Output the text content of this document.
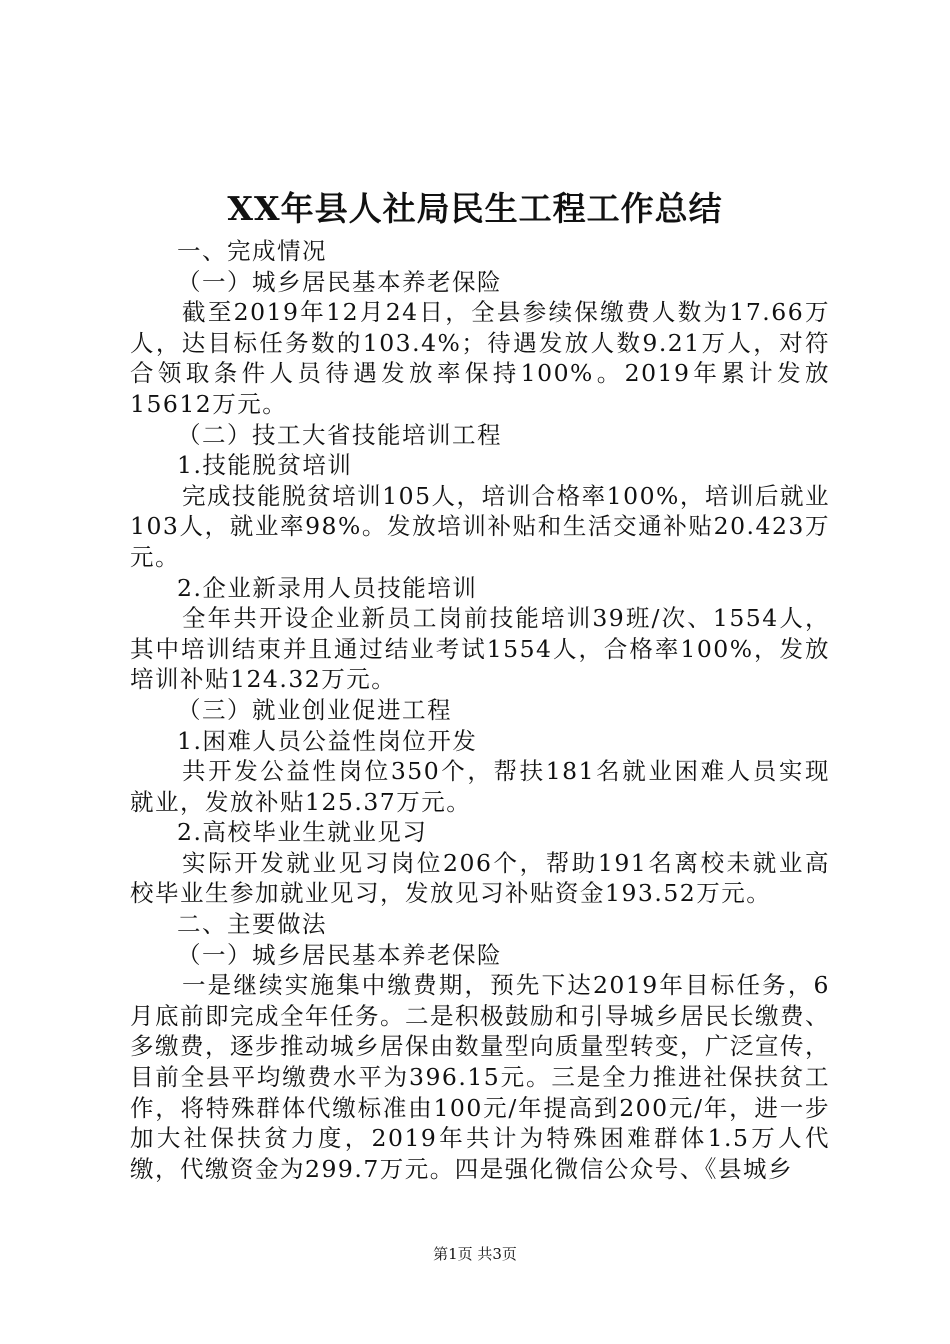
XX年县人社局民生工程工作总结

一、完成情况

（一）城乡居民基本养老保险

截至2019年12月24日，全县参续保缴费人数为17.66万人，达目标任务数的103.4%；待遇发放人数9.21万人，对符合领取条件人员待遇发放率保持100%。2019年累计发放15612万元。

（二）技工大省技能培训工程

1.技能脱贫培训

完成技能脱贫培训105人，培训合格率100%，培训后就业103人，就业率98%。发放培训补贴和生活交通补贴20.423万元。

2.企业新录用人员技能培训

全年共开设企业新员工岗前技能培训39班/次、1554人，其中培训结束并且通过结业考试1554人，合格率100%，发放培训补贴124.32万元。

（三）就业创业促进工程

1.困难人员公益性岗位开发

共开发公益性岗位350个，帮扶181名就业困难人员实现就业，发放补贴125.37万元。

2.高校毕业生就业见习

实际开发就业见习岗位206个，帮助191名离校未就业高校毕业生参加就业见习，发放见习补贴资金193.52万元。

二、主要做法

（一）城乡居民基本养老保险

一是继续实施集中缴费期，预先下达2019年目标任务，6月底前即完成全年任务。二是积极鼓励和引导城乡居民长缴费、多缴费，逐步推动城乡居保由数量型向质量型转变，广泛宣传，目前全县平均缴费水平为396.15元。三是全力推进社保扶贫工作，将特殊群体代缴标准由100元/年提高到200元/年，进一步加大社保扶贫力度，2019年共计为特殊困难群体1.5万人代缴，代缴资金为299.7万元。四是强化微信公众号、《县城乡

第1页 共3页
